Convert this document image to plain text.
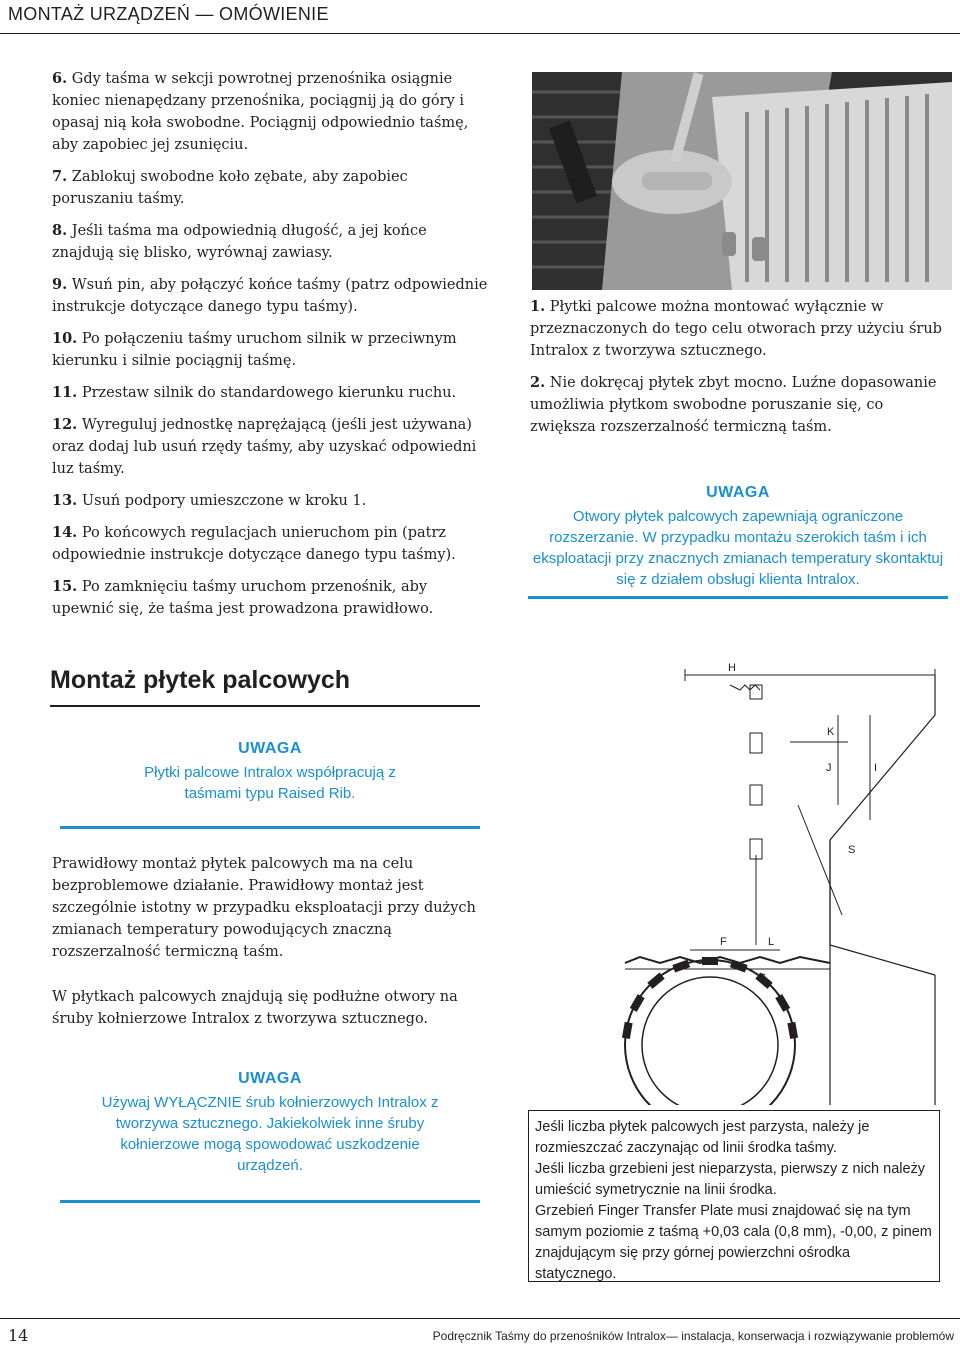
MONTAŻ URZĄDZEŃ — OMÓWIENIE

6. Gdy taśma w sekcji powrotnej przenośnika osiągnie koniec nienapędzany przenośnika, pociągnij ją do góry i opasaj nią koła swobodne. Pociągnij odpowiednio taśmę, aby zapobiec jej zsunięciu.

7. Zablokuj swobodne koło zębate, aby zapobiec poruszaniu taśmy.

8. Jeśli taśma ma odpowiednią długość, a jej końce znajdują się blisko, wyrównaj zawiasy.

9. Wsuń pin, aby połączyć końce taśmy (patrz odpowiednie instrukcje dotyczące danego typu taśmy).

10. Po połączeniu taśmy uruchom silnik w przeciwnym kierunku i silnie pociągnij taśmę.

11. Przestaw silnik do standardowego kierunku ruchu.

12. Wyreguluj jednostkę naprężającą (jeśli jest używana) oraz dodaj lub usuń rzędy taśmy, aby uzyskać odpowiedni luz taśmy.

13. Usuń podpory umieszczone w kroku 1.

14. Po końcowych regulacjach unieruchom pin (patrz odpowiednie instrukcje dotyczące danego typu taśmy).

15. Po zamknięciu taśmy uruchom przenośnik, aby upewnić się, że taśma jest prowadzona prawidłowo.

1. Płytki palcowe można montować wyłącznie w przeznaczonych do tego celu otworach przy użyciu śrub Intralox z tworzywa sztucznego.

2. Nie dokręcaj płytek zbyt mocno. Luźne dopasowanie umożliwia płytkom swobodne poruszanie się, co zwiększa rozszerzalność termiczną taśm.

UWAGA
Otwory płytek palcowych zapewniają ograniczone rozszerzanie. W przypadku montażu szerokich taśm i ich eksploatacji przy znacznych zmianach temperatury skontaktuj się z działem obsługi klienta Intralox.
Montaż płytek palcowych
UWAGA
Płytki palcowe Intralox współpracują z taśmami typu Raised Rib.

Prawidłowy montaż płytek palcowych ma na celu bezproblemowe działanie. Prawidłowy montaż jest szczególnie istotny w przypadku eksploatacji przy dużych zmianach temperatury powodujących znaczną rozszerzalność termiczną taśm.

W płytkach palcowych znajdują się podłużne otwory na śruby kołnierzowe Intralox z tworzywa sztucznego.

UWAGA
Używaj WYŁĄCZNIE śrub kołnierzowych Intralox z tworzywa sztucznego. Jakiekolwiek inne śruby kołnierzowe mogą spowodować uszkodzenie urządzeń.
H
K
J	I
S
F	L

Jeśli liczba płytek palcowych jest parzysta, należy je rozmieszczać zaczynając od linii środka taśmy.

Jeśli liczba grzebieni jest nieparzysta, pierwszy z nich należy umieścić symetrycznie na linii środka.

Grzebień Finger Transfer Plate musi znajdować się na tym samym poziomie z taśmą +0,03 cala (0,8 mm), -0,00, z pinem znajdującym się przy górnej powierzchni ośrodka statycznego.

14	Podręcznik Taśmy do przenośników Intralox— instalacja, konserwacja i rozwiązywanie problemów
